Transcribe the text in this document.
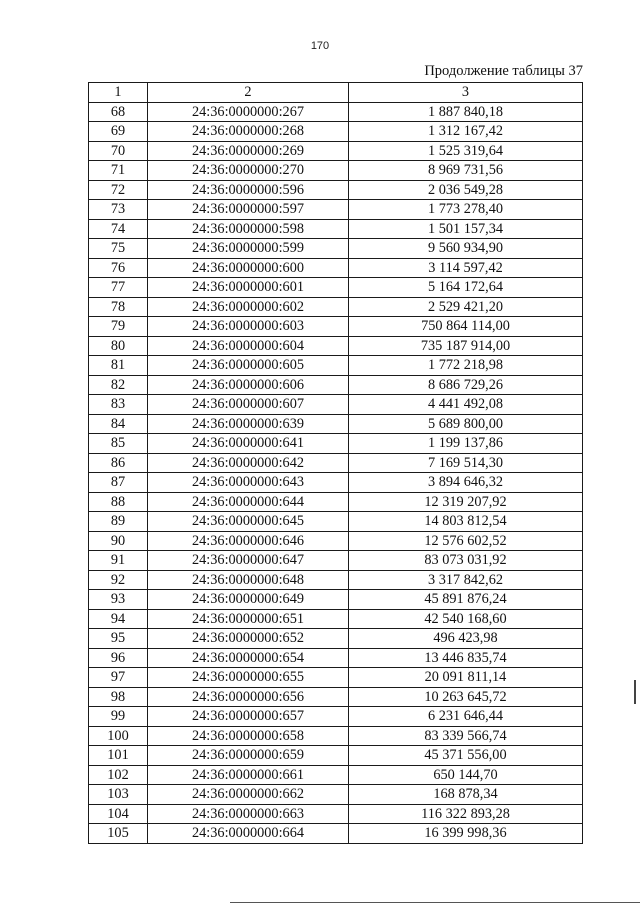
170
Продолжение таблицы 37
1	2	3
68	24:36:0000000:267	1 887 840,18
69	24:36:0000000:268	1 312 167,42
70	24:36:0000000:269	1 525 319,64
71	24:36:0000000:270	8 969 731,56
72	24:36:0000000:596	2 036 549,28
73	24:36:0000000:597	1 773 278,40
74	24:36:0000000:598	1 501 157,34
75	24:36:0000000:599	9 560 934,90
76	24:36:0000000:600	3 114 597,42
77	24:36:0000000:601	5 164 172,64
78	24:36:0000000:602	2 529 421,20
79	24:36:0000000:603	750 864 114,00
80	24:36:0000000:604	735 187 914,00
81	24:36:0000000:605	1 772 218,98
82	24:36:0000000:606	8 686 729,26
83	24:36:0000000:607	4 441 492,08
84	24:36:0000000:639	5 689 800,00
85	24:36:0000000:641	1 199 137,86
86	24:36:0000000:642	7 169 514,30
87	24:36:0000000:643	3 894 646,32
88	24:36:0000000:644	12 319 207,92
89	24:36:0000000:645	14 803 812,54
90	24:36:0000000:646	12 576 602,52
91	24:36:0000000:647	83 073 031,92
92	24:36:0000000:648	3 317 842,62
93	24:36:0000000:649	45 891 876,24
94	24:36:0000000:651	42 540 168,60
95	24:36:0000000:652	496 423,98
96	24:36:0000000:654	13 446 835,74
97	24:36:0000000:655	20 091 811,14
98	24:36:0000000:656	10 263 645,72
99	24:36:0000000:657	6 231 646,44
100	24:36:0000000:658	83 339 566,74
101	24:36:0000000:659	45 371 556,00
102	24:36:0000000:661	650 144,70
103	24:36:0000000:662	168 878,34
104	24:36:0000000:663	116 322 893,28
105	24:36:0000000:664	16 399 998,36
